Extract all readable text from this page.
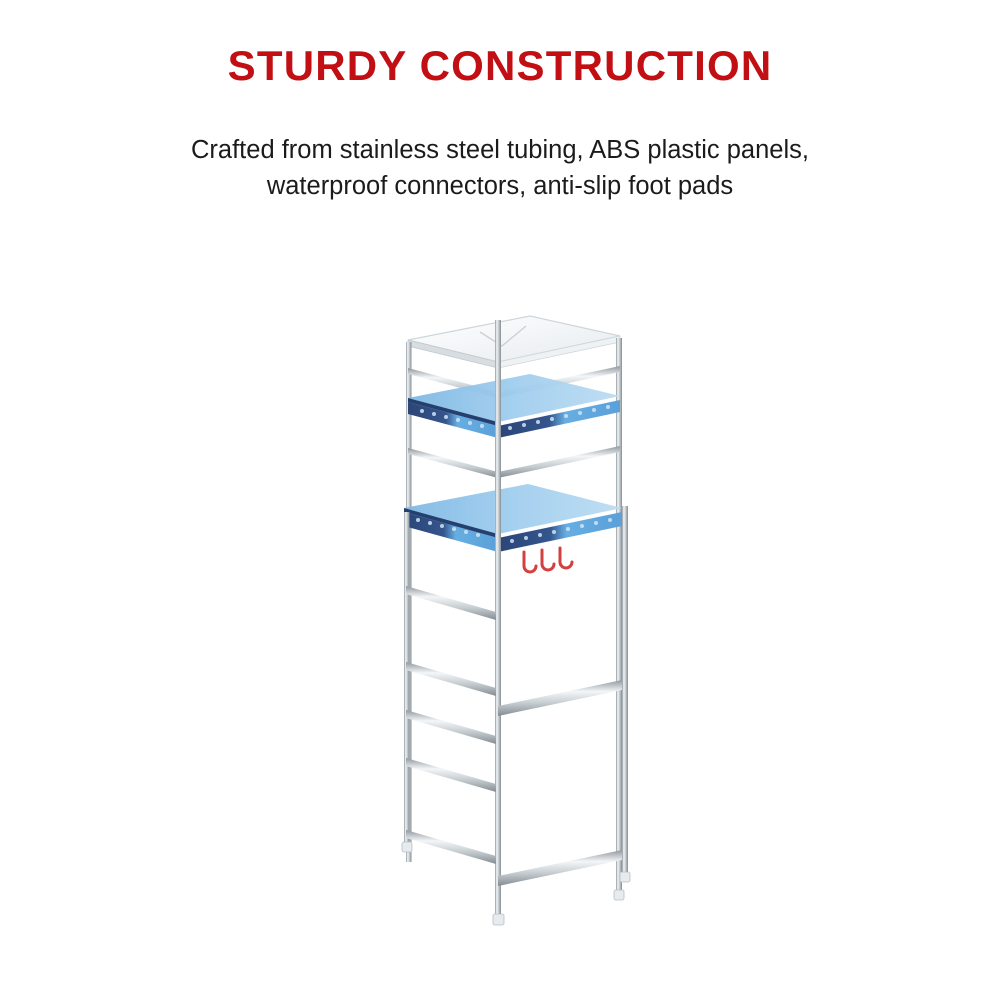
STURDY CONSTRUCTION
Crafted from stainless steel tubing, ABS plastic panels,
waterproof connectors, anti-slip foot pads
